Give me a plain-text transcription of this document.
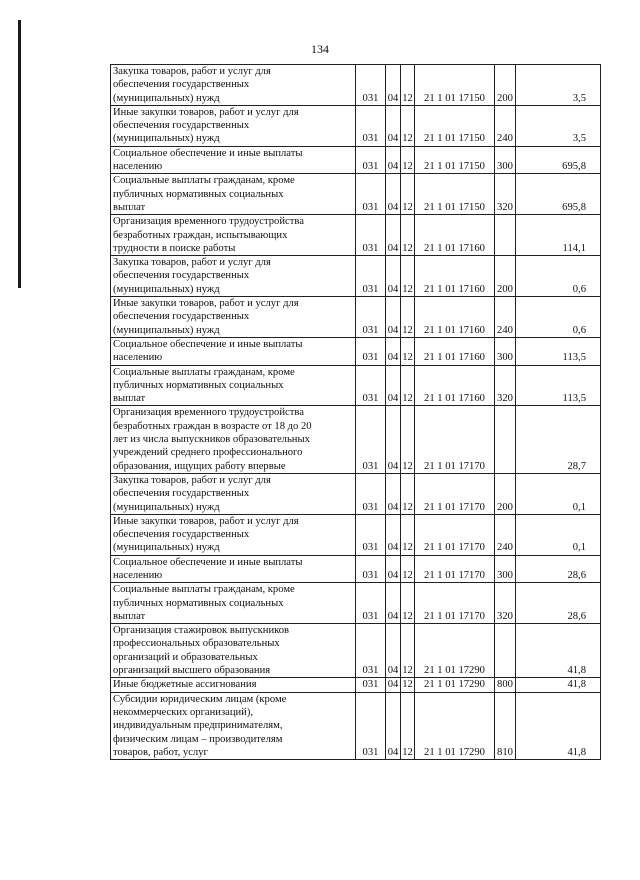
134
Закупка товаров, работ и услуг для
обеспечения государственных
(муниципальных) нужд	031	04	12	21 1 01 17150	200	3,5

Иные закупки товаров, работ и услуг для
обеспечения государственных
(муниципальных) нужд	031	04	12	21 1 01 17150	240	3,5

Социальное обеспечение и иные выплаты
населению	031	04	12	21 1 01 17150	300	695,8

Социальные выплаты гражданам, кроме
публичных нормативных социальных
выплат	031	04	12	21 1 01 17150	320	695,8

Организация временного трудоустройства
безработных граждан, испытывающих
трудности в поиске работы	031	04	12	21 1 01 17160		114,1

Закупка товаров, работ и услуг для
обеспечения государственных
(муниципальных) нужд	031	04	12	21 1 01 17160	200	0,6

Иные закупки товаров, работ и услуг для
обеспечения государственных
(муниципальных) нужд	031	04	12	21 1 01 17160	240	0,6

Социальное обеспечение и иные выплаты
населению	031	04	12	21 1 01 17160	300	113,5

Социальные выплаты гражданам, кроме
публичных нормативных социальных
выплат	031	04	12	21 1 01 17160	320	113,5

Организация временного трудоустройства
безработных граждан в возрасте от 18 до 20
лет из числа выпускников образовательных
учреждений среднего профессионального
образования, ищущих работу впервые	031	04	12	21 1 01 17170		28,7

Закупка товаров, работ и услуг для
обеспечения государственных
(муниципальных) нужд	031	04	12	21 1 01 17170	200	0,1

Иные закупки товаров, работ и услуг для
обеспечения государственных
(муниципальных) нужд	031	04	12	21 1 01 17170	240	0,1

Социальное обеспечение и иные выплаты
населению	031	04	12	21 1 01 17170	300	28,6

Социальные выплаты гражданам, кроме
публичных нормативных социальных
выплат	031	04	12	21 1 01 17170	320	28,6

Организация стажировок выпускников
профессиональных образовательных
организаций и образовательных
организаций высшего образования	031	04	12	21 1 01 17290		41,8

Иные бюджетные ассигнования	031	04	12	21 1 01 17290	800	41,8

Субсидии юридическим лицам (кроме
некоммерческих организаций),
индивидуальным предпринимателям,
физическим лицам – производителям
товаров, работ, услуг	031	04	12	21 1 01 17290	810	41,8
